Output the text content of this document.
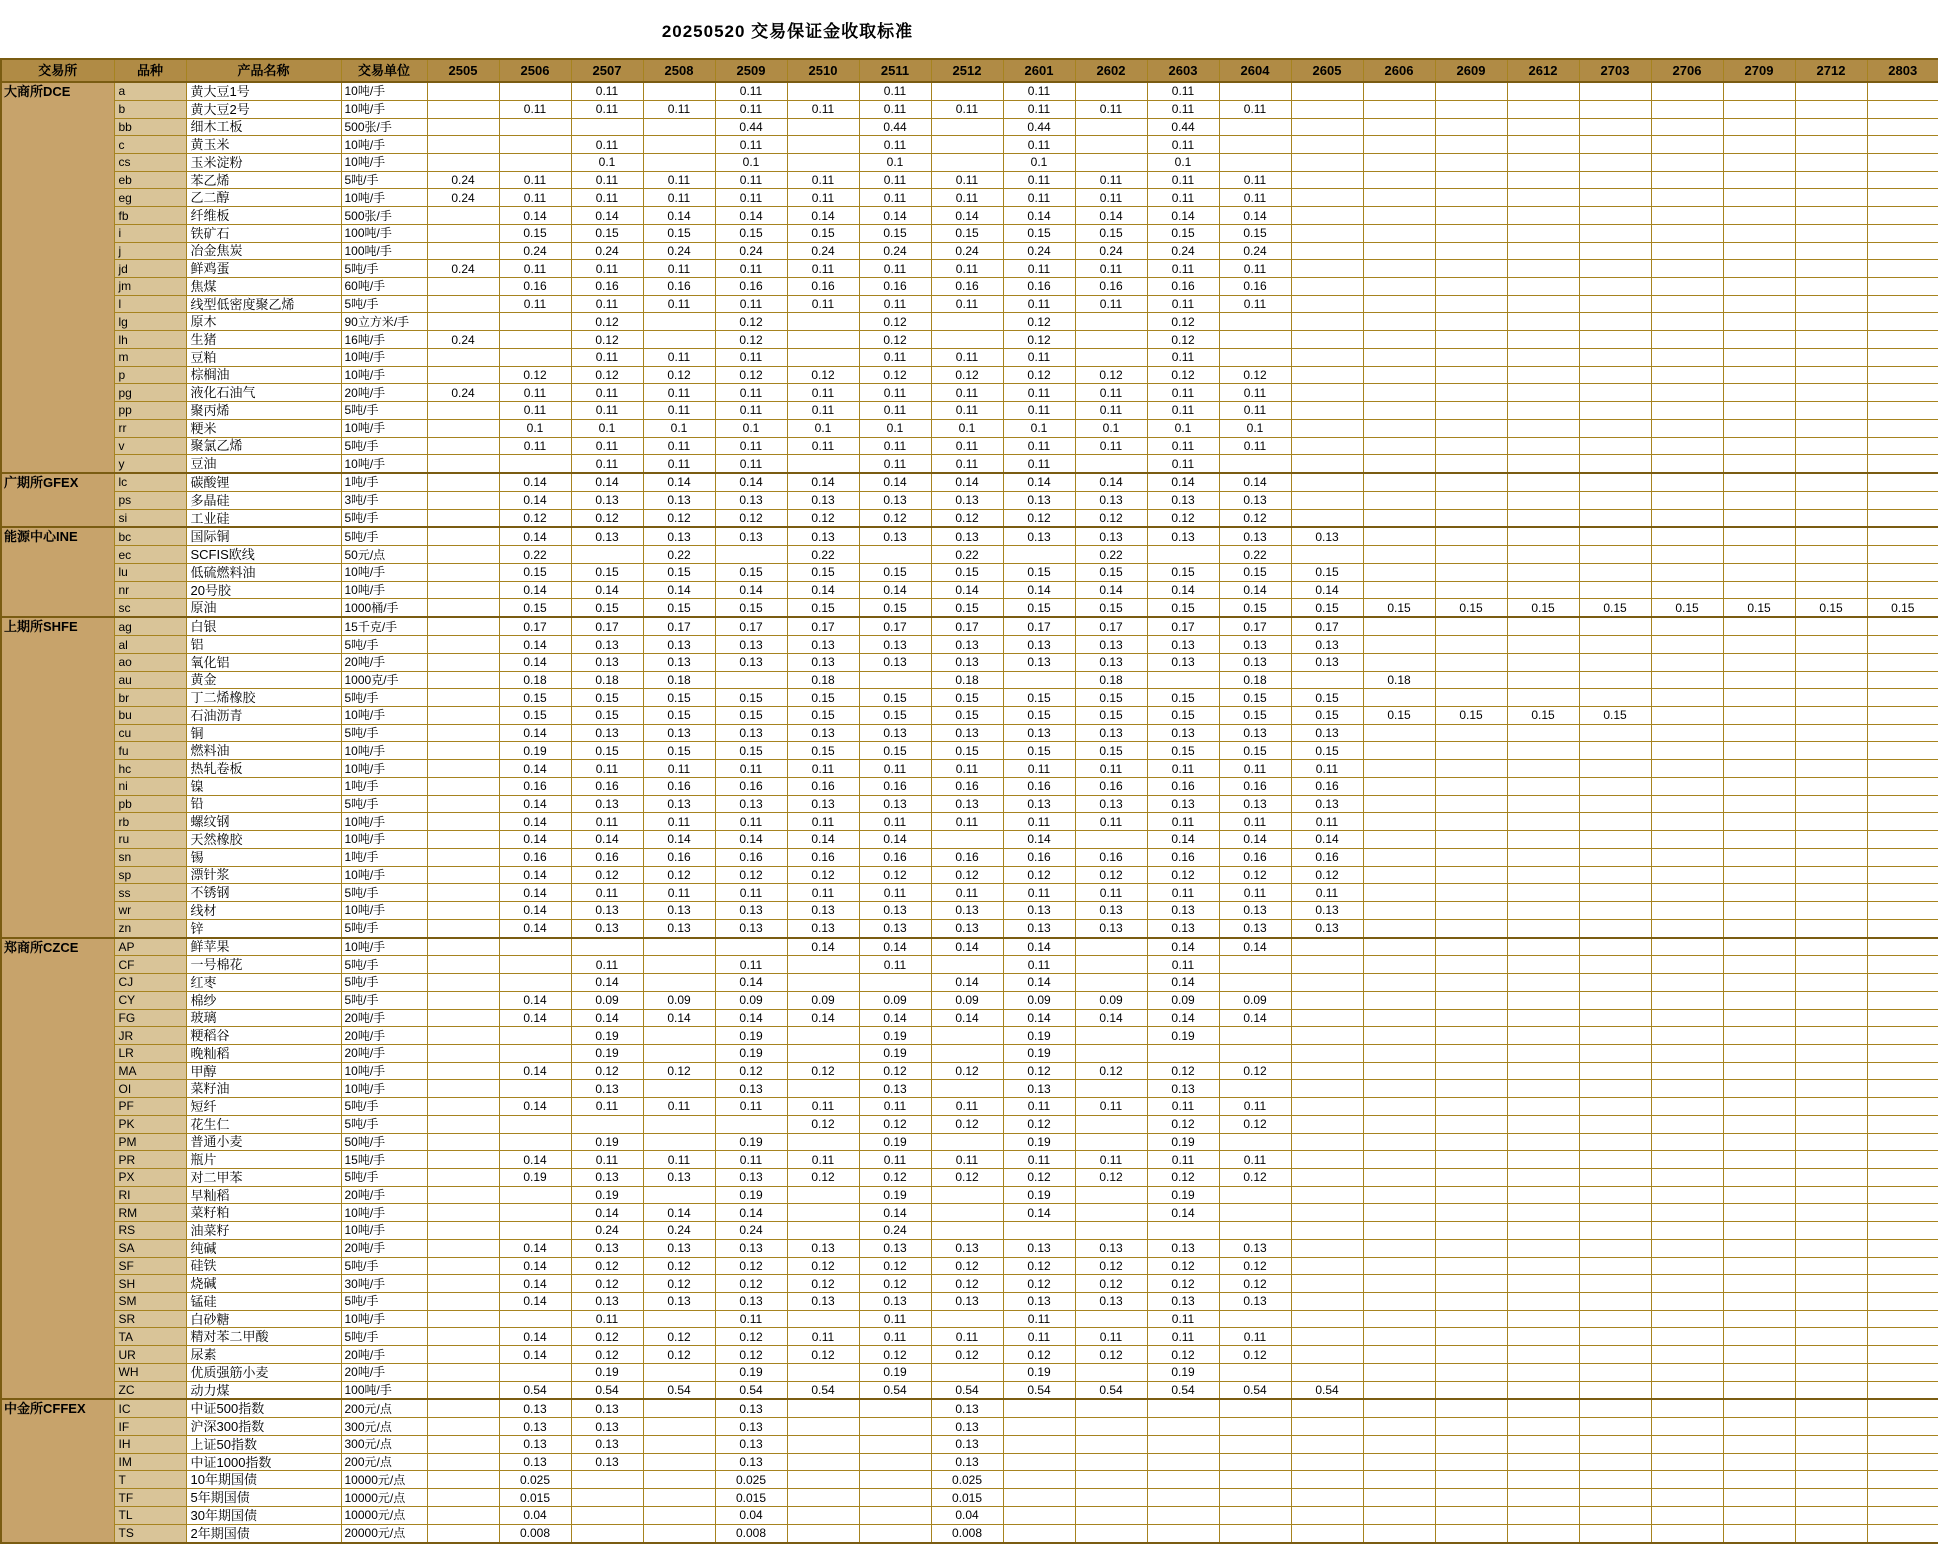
20250520 交易保证金收取标准
交易所	品种	产品名称	交易单位	2505	2506	2507	2508	2509	2510	2511	2512	2601	2602	2603	2604	2605	2606	2609	2612	2703	2706	2709	2712	2803
大商所DCE	a	黄大豆1号	10吨/手			0.11		0.11		0.11		0.11		0.11										
	b	黄大豆2号	10吨/手		0.11	0.11	0.11	0.11	0.11	0.11	0.11	0.11	0.11	0.11	0.11									
	bb	细木工板	500张/手					0.44		0.44		0.44		0.44										
	c	黄玉米	10吨/手			0.11		0.11		0.11		0.11		0.11										
	cs	玉米淀粉	10吨/手			0.1		0.1		0.1		0.1		0.1										
	eb	苯乙烯	5吨/手	0.24	0.11	0.11	0.11	0.11	0.11	0.11	0.11	0.11	0.11	0.11	0.11									
	eg	乙二醇	10吨/手	0.24	0.11	0.11	0.11	0.11	0.11	0.11	0.11	0.11	0.11	0.11	0.11									
	fb	纤维板	500张/手		0.14	0.14	0.14	0.14	0.14	0.14	0.14	0.14	0.14	0.14	0.14									
	i	铁矿石	100吨/手		0.15	0.15	0.15	0.15	0.15	0.15	0.15	0.15	0.15	0.15	0.15									
	j	冶金焦炭	100吨/手		0.24	0.24	0.24	0.24	0.24	0.24	0.24	0.24	0.24	0.24	0.24									
	jd	鲜鸡蛋	5吨/手	0.24	0.11	0.11	0.11	0.11	0.11	0.11	0.11	0.11	0.11	0.11	0.11									
	jm	焦煤	60吨/手		0.16	0.16	0.16	0.16	0.16	0.16	0.16	0.16	0.16	0.16	0.16									
	l	线型低密度聚乙烯	5吨/手		0.11	0.11	0.11	0.11	0.11	0.11	0.11	0.11	0.11	0.11	0.11									
	lg	原木	90立方米/手			0.12		0.12		0.12		0.12		0.12										
	lh	生猪	16吨/手	0.24		0.12		0.12		0.12		0.12		0.12										
	m	豆粕	10吨/手			0.11	0.11	0.11		0.11	0.11	0.11		0.11										
	p	棕榈油	10吨/手		0.12	0.12	0.12	0.12	0.12	0.12	0.12	0.12	0.12	0.12	0.12									
	pg	液化石油气	20吨/手	0.24	0.11	0.11	0.11	0.11	0.11	0.11	0.11	0.11	0.11	0.11	0.11									
	pp	聚丙烯	5吨/手		0.11	0.11	0.11	0.11	0.11	0.11	0.11	0.11	0.11	0.11	0.11									
	rr	粳米	10吨/手		0.1	0.1	0.1	0.1	0.1	0.1	0.1	0.1	0.1	0.1	0.1									
	v	聚氯乙烯	5吨/手		0.11	0.11	0.11	0.11	0.11	0.11	0.11	0.11	0.11	0.11	0.11									
	y	豆油	10吨/手			0.11	0.11	0.11		0.11	0.11	0.11		0.11										
广期所GFEX	lc	碳酸锂	1吨/手		0.14	0.14	0.14	0.14	0.14	0.14	0.14	0.14	0.14	0.14	0.14									
	ps	多晶硅	3吨/手		0.14	0.13	0.13	0.13	0.13	0.13	0.13	0.13	0.13	0.13	0.13									
	si	工业硅	5吨/手		0.12	0.12	0.12	0.12	0.12	0.12	0.12	0.12	0.12	0.12	0.12									
能源中心INE	bc	国际铜	5吨/手		0.14	0.13	0.13	0.13	0.13	0.13	0.13	0.13	0.13	0.13	0.13	0.13								
	ec	SCFIS欧线	50元/点		0.22		0.22		0.22		0.22		0.22		0.22									
	lu	低硫燃料油	10吨/手		0.15	0.15	0.15	0.15	0.15	0.15	0.15	0.15	0.15	0.15	0.15	0.15								
	nr	20号胶	10吨/手		0.14	0.14	0.14	0.14	0.14	0.14	0.14	0.14	0.14	0.14	0.14	0.14								
	sc	原油	1000桶/手		0.15	0.15	0.15	0.15	0.15	0.15	0.15	0.15	0.15	0.15	0.15	0.15	0.15	0.15	0.15	0.15	0.15	0.15	0.15	0.15
上期所SHFE	ag	白银	15千克/手		0.17	0.17	0.17	0.17	0.17	0.17	0.17	0.17	0.17	0.17	0.17	0.17								
	al	铝	5吨/手		0.14	0.13	0.13	0.13	0.13	0.13	0.13	0.13	0.13	0.13	0.13	0.13								
	ao	氧化铝	20吨/手		0.14	0.13	0.13	0.13	0.13	0.13	0.13	0.13	0.13	0.13	0.13	0.13								
	au	黄金	1000克/手		0.18	0.18	0.18		0.18		0.18		0.18		0.18		0.18							
	br	丁二烯橡胶	5吨/手		0.15	0.15	0.15	0.15	0.15	0.15	0.15	0.15	0.15	0.15	0.15	0.15								
	bu	石油沥青	10吨/手		0.15	0.15	0.15	0.15	0.15	0.15	0.15	0.15	0.15	0.15	0.15	0.15	0.15	0.15	0.15	0.15				
	cu	铜	5吨/手		0.14	0.13	0.13	0.13	0.13	0.13	0.13	0.13	0.13	0.13	0.13	0.13								
	fu	燃料油	10吨/手		0.19	0.15	0.15	0.15	0.15	0.15	0.15	0.15	0.15	0.15	0.15	0.15								
	hc	热轧卷板	10吨/手		0.14	0.11	0.11	0.11	0.11	0.11	0.11	0.11	0.11	0.11	0.11	0.11								
	ni	镍	1吨/手		0.16	0.16	0.16	0.16	0.16	0.16	0.16	0.16	0.16	0.16	0.16	0.16								
	pb	铅	5吨/手		0.14	0.13	0.13	0.13	0.13	0.13	0.13	0.13	0.13	0.13	0.13	0.13								
	rb	螺纹钢	10吨/手		0.14	0.11	0.11	0.11	0.11	0.11	0.11	0.11	0.11	0.11	0.11	0.11								
	ru	天然橡胶	10吨/手		0.14	0.14	0.14	0.14	0.14	0.14		0.14		0.14	0.14	0.14								
	sn	锡	1吨/手		0.16	0.16	0.16	0.16	0.16	0.16	0.16	0.16	0.16	0.16	0.16	0.16								
	sp	漂针浆	10吨/手		0.14	0.12	0.12	0.12	0.12	0.12	0.12	0.12	0.12	0.12	0.12	0.12								
	ss	不锈钢	5吨/手		0.14	0.11	0.11	0.11	0.11	0.11	0.11	0.11	0.11	0.11	0.11	0.11								
	wr	线材	10吨/手		0.14	0.13	0.13	0.13	0.13	0.13	0.13	0.13	0.13	0.13	0.13	0.13								
	zn	锌	5吨/手		0.14	0.13	0.13	0.13	0.13	0.13	0.13	0.13	0.13	0.13	0.13	0.13								
郑商所CZCE	AP	鲜苹果	10吨/手						0.14	0.14	0.14	0.14		0.14	0.14									
	CF	一号棉花	5吨/手			0.11		0.11		0.11		0.11		0.11										
	CJ	红枣	5吨/手			0.14		0.14			0.14	0.14		0.14										
	CY	棉纱	5吨/手		0.14	0.09	0.09	0.09	0.09	0.09	0.09	0.09	0.09	0.09	0.09									
	FG	玻璃	20吨/手		0.14	0.14	0.14	0.14	0.14	0.14	0.14	0.14	0.14	0.14	0.14									
	JR	粳稻谷	20吨/手			0.19		0.19		0.19		0.19		0.19										
	LR	晚籼稻	20吨/手			0.19		0.19		0.19		0.19												
	MA	甲醇	10吨/手		0.14	0.12	0.12	0.12	0.12	0.12	0.12	0.12	0.12	0.12	0.12									
	OI	菜籽油	10吨/手			0.13		0.13		0.13		0.13		0.13										
	PF	短纤	5吨/手		0.14	0.11	0.11	0.11	0.11	0.11	0.11	0.11	0.11	0.11	0.11									
	PK	花生仁	5吨/手						0.12	0.12	0.12	0.12		0.12	0.12									
	PM	普通小麦	50吨/手			0.19		0.19		0.19		0.19		0.19										
	PR	瓶片	15吨/手		0.14	0.11	0.11	0.11	0.11	0.11	0.11	0.11	0.11	0.11	0.11									
	PX	对二甲苯	5吨/手		0.19	0.13	0.13	0.13	0.12	0.12	0.12	0.12	0.12	0.12	0.12									
	RI	早籼稻	20吨/手			0.19		0.19		0.19		0.19		0.19										
	RM	菜籽粕	10吨/手			0.14	0.14	0.14		0.14		0.14		0.14										
	RS	油菜籽	10吨/手			0.24	0.24	0.24		0.24														
	SA	纯碱	20吨/手		0.14	0.13	0.13	0.13	0.13	0.13	0.13	0.13	0.13	0.13	0.13									
	SF	硅铁	5吨/手		0.14	0.12	0.12	0.12	0.12	0.12	0.12	0.12	0.12	0.12	0.12									
	SH	烧碱	30吨/手		0.14	0.12	0.12	0.12	0.12	0.12	0.12	0.12	0.12	0.12	0.12									
	SM	锰硅	5吨/手		0.14	0.13	0.13	0.13	0.13	0.13	0.13	0.13	0.13	0.13	0.13									
	SR	白砂糖	10吨/手			0.11		0.11		0.11		0.11		0.11										
	TA	精对苯二甲酸	5吨/手		0.14	0.12	0.12	0.12	0.11	0.11	0.11	0.11	0.11	0.11	0.11									
	UR	尿素	20吨/手		0.14	0.12	0.12	0.12	0.12	0.12	0.12	0.12	0.12	0.12	0.12									
	WH	优质强筋小麦	20吨/手			0.19		0.19		0.19		0.19		0.19										
	ZC	动力煤	100吨/手		0.54	0.54	0.54	0.54	0.54	0.54	0.54	0.54	0.54	0.54	0.54	0.54								
中金所CFFEX	IC	中证500指数	200元/点		0.13	0.13		0.13			0.13													
	IF	沪深300指数	300元/点		0.13	0.13		0.13			0.13													
	IH	上证50指数	300元/点		0.13	0.13		0.13			0.13													
	IM	中证1000指数	200元/点		0.13	0.13		0.13			0.13													
	T	10年期国债	10000元/点		0.025			0.025			0.025													
	TF	5年期国债	10000元/点		0.015			0.015			0.015													
	TL	30年期国债	10000元/点		0.04			0.04			0.04													
	TS	2年期国债	20000元/点		0.008			0.008			0.008													
